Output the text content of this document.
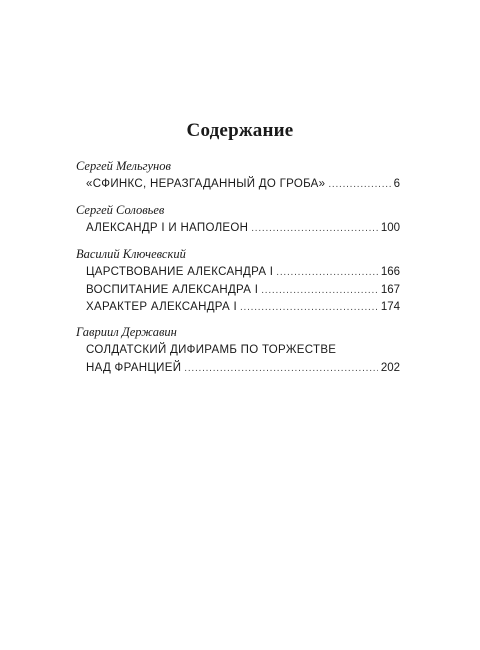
Содержание
Сергей Мельгунов
«СФИНКС, НЕРАЗГАДАННЫЙ ДО ГРОБА» . . .	6
Сергей Соловьев
АЛЕКСАНДР I И НАПОЛЕОН . . .	100
Василий Ключевский
ЦАРСТВОВАНИЕ АЛЕКСАНДРА I . . .	166
ВОСПИТАНИЕ АЛЕКСАНДРА I . . .	167
ХАРАКТЕР АЛЕКСАНДРА I . . .	174
Гавриил Державин
СОЛДАТСКИЙ ДИФИРАМБ ПО ТОРЖЕСТВЕ
НАД ФРАНЦИЕЙ . . .	202
